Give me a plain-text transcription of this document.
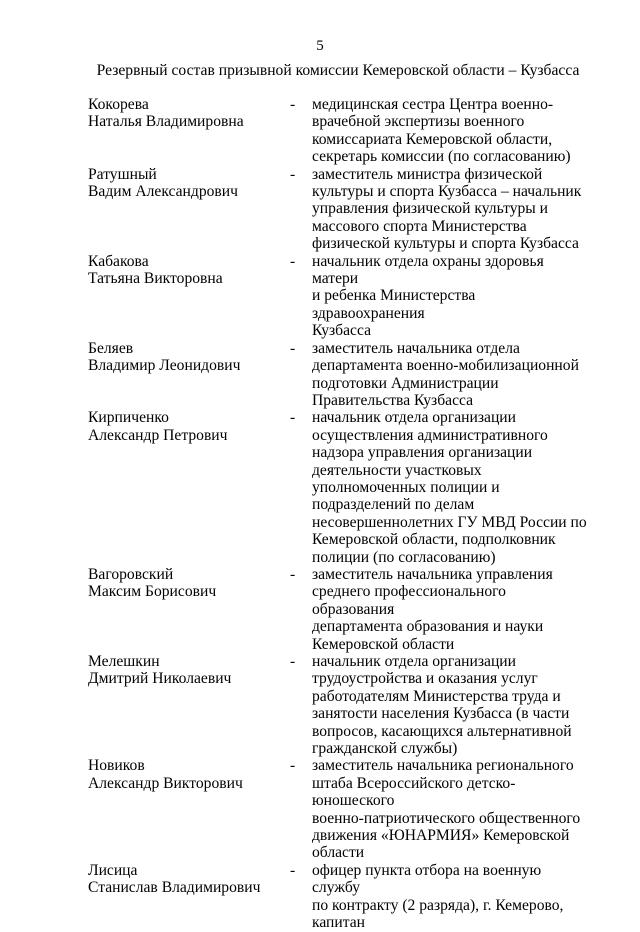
5
Резервный состав призывной комиссии Кемеровской области – Кузбасса
Кокорева
Наталья Владимировна
-	медицинская сестра Центра военно-
врачебной экспертизы военного
комиссариата Кемеровской области,
секретарь комиссии (по согласованию)
Ратушный
Вадим Александрович
-	заместитель министра физической
культуры и спорта Кузбасса – начальник
управления физической культуры и
массового спорта Министерства
физической культуры и спорта Кузбасса
Кабакова
Татьяна Викторовна
-	начальник отдела охраны здоровья матери
и ребенка Министерства здравоохранения
Кузбасса
Беляев
Владимир Леонидович
-	заместитель начальника отдела
департамента военно-мобилизационной
подготовки Администрации
Правительства Кузбасса
Кирпиченко
Александр Петрович
-	начальник отдела организации
осуществления административного
надзора управления организации
деятельности участковых
уполномоченных полиции и
подразделений по делам
несовершеннолетних ГУ МВД России по
Кемеровской области, подполковник
полиции (по согласованию)
Вагоровский
Максим Борисович
-	заместитель начальника управления
среднего профессионального образования
департамента образования и науки
Кемеровской области
Мелешкин
Дмитрий Николаевич
-	начальник отдела организации
трудоустройства и оказания услуг
работодателям Министерства труда и
занятости населения Кузбасса (в части
вопросов, касающихся альтернативной
гражданской службы)
Новиков
Александр Викторович
-	заместитель начальника регионального
штаба Всероссийского детско-юношеского
военно-патриотического общественного
движения «ЮНАРМИЯ» Кемеровской
области
Лисица
Станислав Владимирович
-	офицер пункта отбора на военную службу
по контракту (2 разряда), г. Кемерово,
капитан
